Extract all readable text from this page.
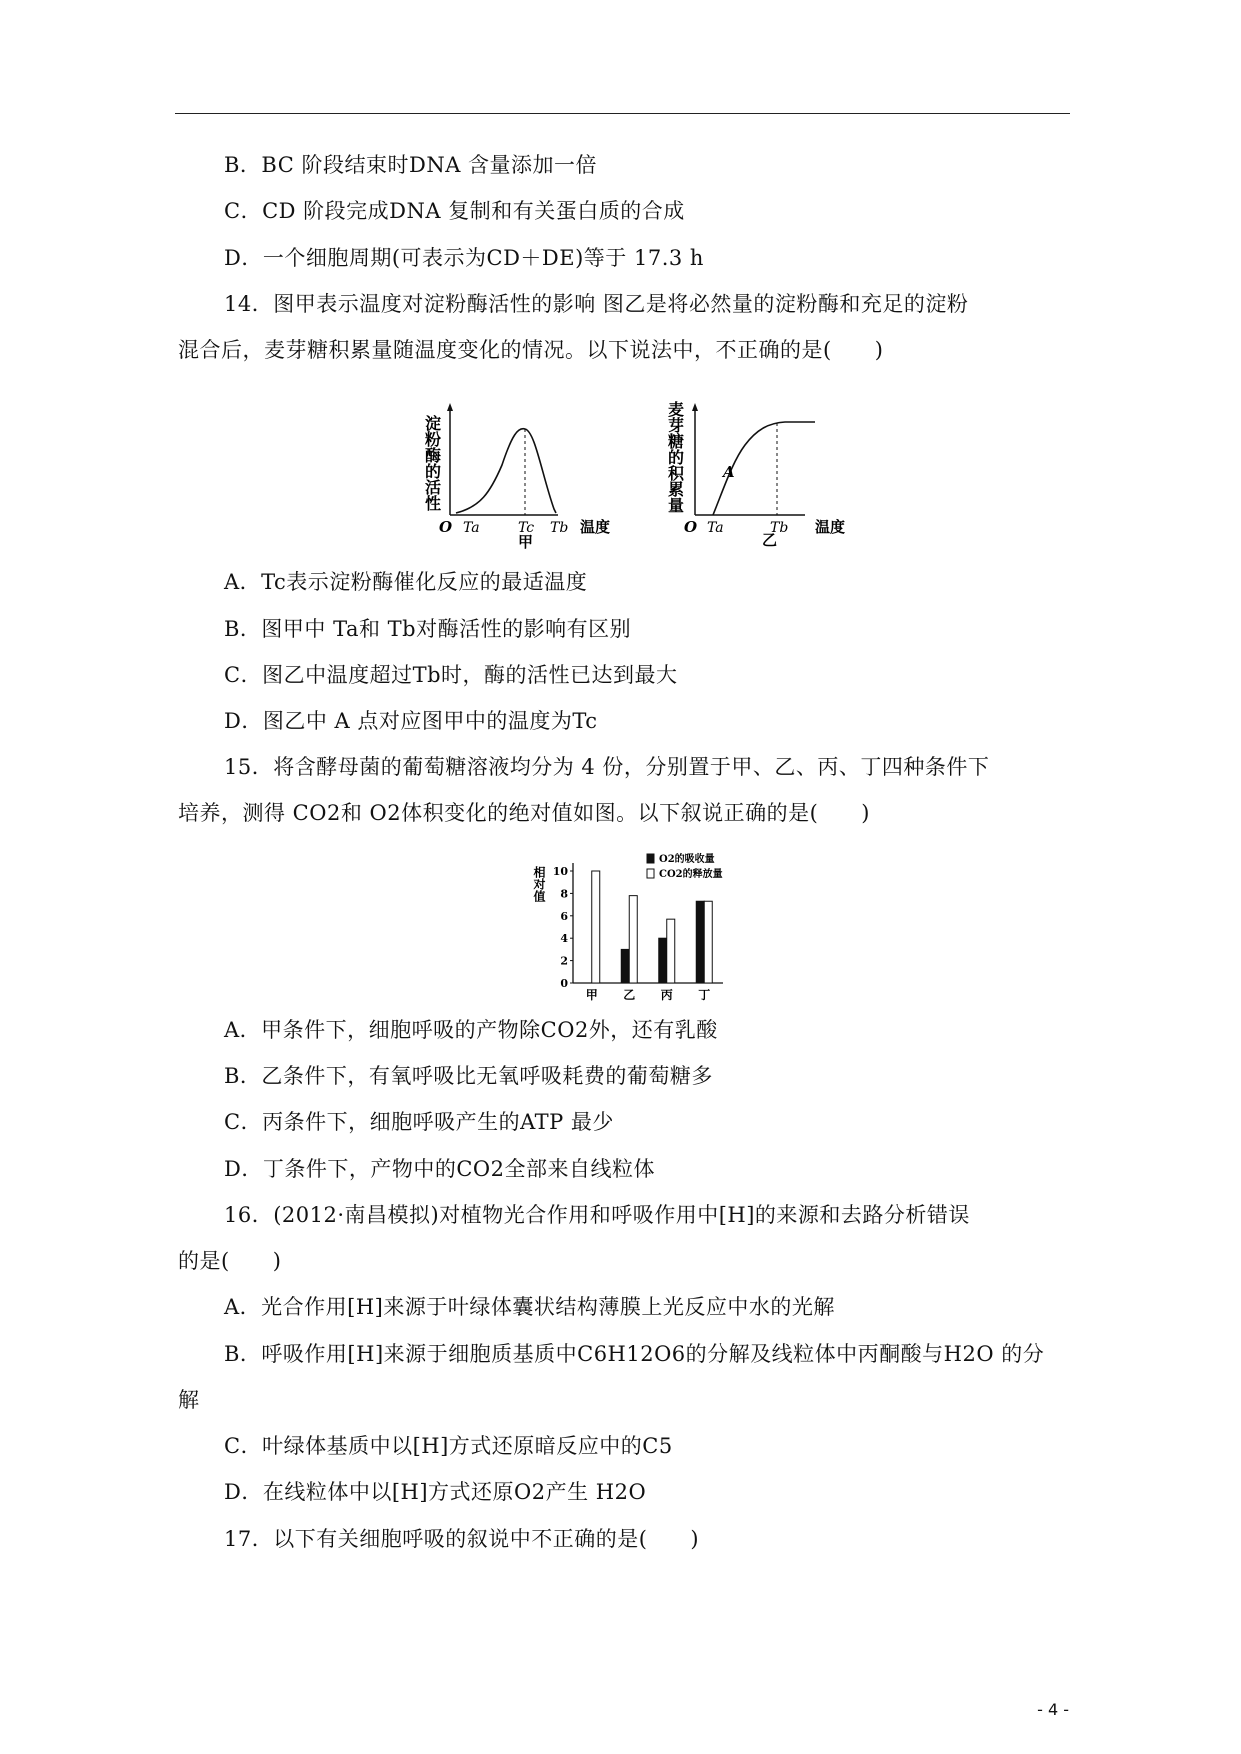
B．BC 阶段结束时DNA 含量添加一倍
C．CD 阶段完成DNA 复制和有关蛋白质的合成
D．一个细胞周期(可表示为CD＋DE)等于 17.3 h
14．图甲表示温度对淀粉酶活性的影响 图乙是将必然量的淀粉酶和充足的淀粉
混合后，麦芽糖积累量随温度变化的情况。以下说法中，不正确的是(　　)
淀粉酶的活性
O Ta	Tc Tb 温度
甲
麦芽糖的积累量	A
O Ta	Tb 温度
乙
A．Tc表示淀粉酶催化反应的最适温度
B．图甲中 Ta和 Tb对酶活性的影响有区别
C．图乙中温度超过Tb时，酶的活性已达到最大
D．图乙中 A 点对应图甲中的温度为Tc
15．将含酵母菌的葡萄糖溶液均分为 4 份，分别置于甲、乙、丙、丁四种条件下
培养，测得 CO2和 O2体积变化的绝对值如图。以下叙说正确的是(　　)
相对值
0
2
4
6
8
10
甲 乙 丙 丁
O2的吸收量
CO2的释放量
A．甲条件下，细胞呼吸的产物除CO2外，还有乳酸
B．乙条件下，有氧呼吸比无氧呼吸耗费的葡萄糖多
C．丙条件下，细胞呼吸产生的ATP 最少
D．丁条件下，产物中的CO2全部来自线粒体
16．(2012·南昌模拟)对植物光合作用和呼吸作用中[H]的来源和去路分析错误
的是(　　)
A．光合作用[H]来源于叶绿体囊状结构薄膜上光反应中水的光解
B．呼吸作用[H]来源于细胞质基质中C6H12O6的分解及线粒体中丙酮酸与H2O 的分
解
C．叶绿体基质中以[H]方式还原暗反应中的C5
D．在线粒体中以[H]方式还原O2产生 H2O
17．以下有关细胞呼吸的叙说中不正确的是(　　)
- 4 -
